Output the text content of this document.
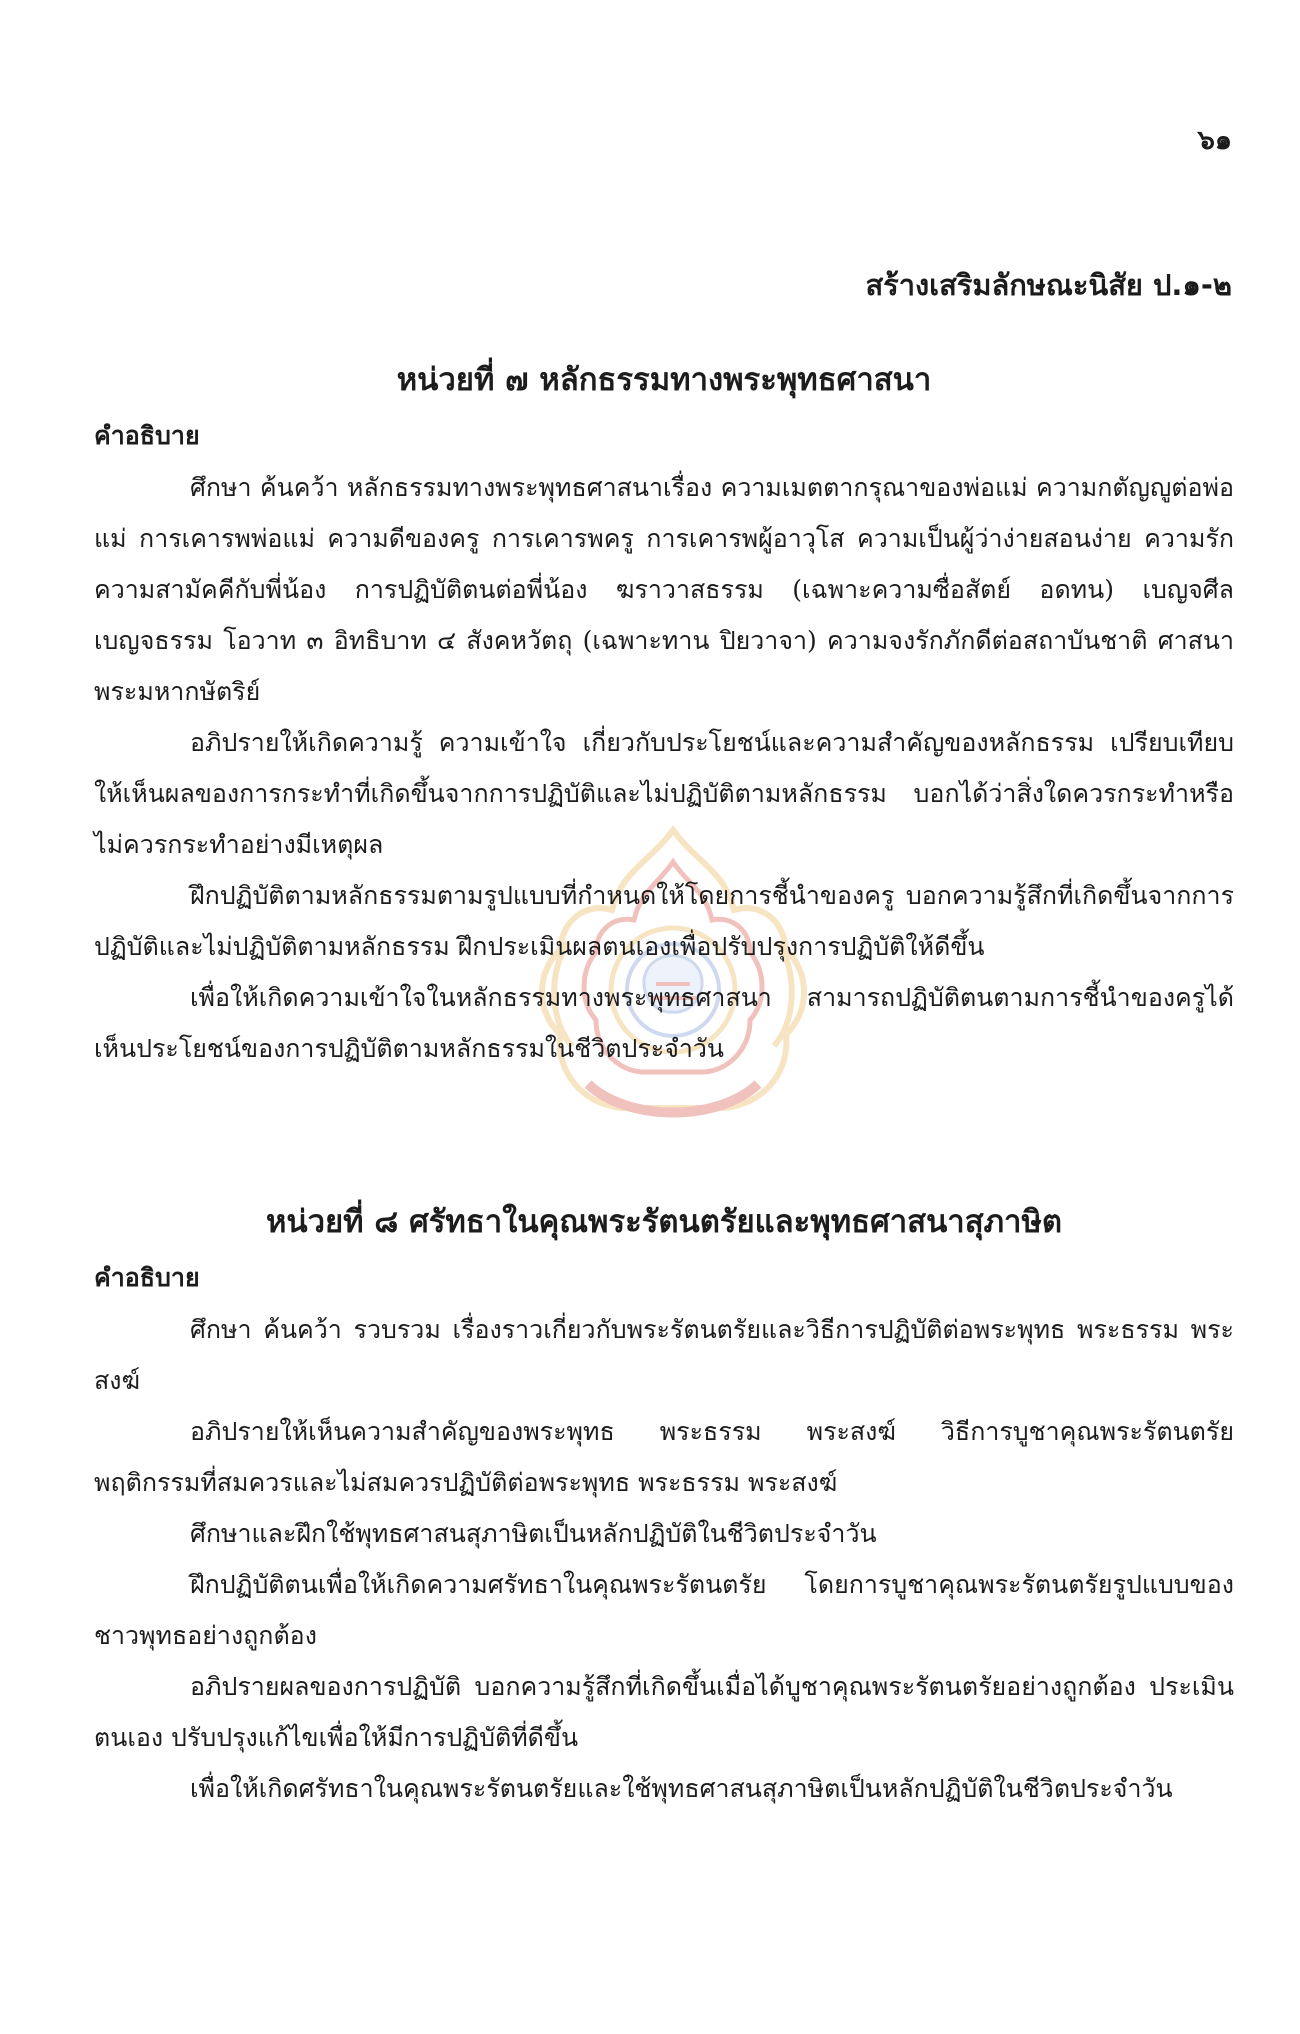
๖๑
สร้างเสริมลักษณะนิสัย ป.๑-๒
หน่วยที่ ๗ หลักธรรมทางพระพุทธศาสนา
คำอธิบาย

ศึกษา ค้นคว้า หลักธรรมทางพระพุทธศาสนาเรื่อง ความเมตตากรุณาของพ่อแม่ ความกตัญญูต่อพ่อแม่ การเคารพพ่อแม่ ความดีของครู การเคารพครู การเคารพผู้อาวุโส ความเป็นผู้ว่าง่ายสอนง่าย ความรักความสามัคคีกับพี่น้อง การปฏิบัติตนต่อพี่น้อง ฆราวาสธรรม (เฉพาะความซื่อสัตย์ อดทน) เบญจศีล เบญจธรรม โอวาท ๓ อิทธิบาท ๔ สังคหวัตถุ (เฉพาะทาน ปิยวาจา) ความจงรักภักดีต่อสถาบันชาติ ศาสนา พระมหากษัตริย์

อภิปรายให้เกิดความรู้ ความเข้าใจ เกี่ยวกับประโยชน์และความสำคัญของหลักธรรม เปรียบเทียบให้เห็นผลของการกระทำที่เกิดขึ้นจากการปฏิบัติและไม่ปฏิบัติตามหลักธรรม บอกได้ว่าสิ่งใดควรกระทำหรือไม่ควรกระทำอย่างมีเหตุผล

ฝึกปฏิบัติตามหลักธรรมตามรูปแบบที่กำหนดให้โดยการชี้นำของครู บอกความรู้สึกที่เกิดขึ้นจากการปฏิบัติและไม่ปฏิบัติตามหลักธรรม ฝึกประเมินผลตนเองเพื่อปรับปรุงการปฏิบัติให้ดีขึ้น

เพื่อให้เกิดความเข้าใจในหลักธรรมทางพระพุทธศาสนา สามารถปฏิบัติตนตามการชี้นำของครูได้ เห็นประโยชน์ของการปฏิบัติตามหลักธรรมในชีวิตประจำวัน

หน่วยที่ ๘ ศรัทธาในคุณพระรัตนตรัยและพุทธศาสนาสุภาษิต
คำอธิบาย

ศึกษา ค้นคว้า รวบรวม เรื่องราวเกี่ยวกับพระรัตนตรัยและวิธีการปฏิบัติต่อพระพุทธ พระธรรม พระสงฆ์

อภิปรายให้เห็นความสำคัญของพระพุทธ พระธรรม พระสงฆ์ วิธีการบูชาคุณพระรัตนตรัย พฤติกรรมที่สมควรและไม่สมควรปฏิบัติต่อพระพุทธ พระธรรม พระสงฆ์

ศึกษาและฝึกใช้พุทธศาสนสุภาษิตเป็นหลักปฏิบัติในชีวิตประจำวัน

ฝึกปฏิบัติตนเพื่อให้เกิดความศรัทธาในคุณพระรัตนตรัย โดยการบูชาคุณพระรัตนตรัยรูปแบบของชาวพุทธอย่างถูกต้อง

อภิปรายผลของการปฏิบัติ บอกความรู้สึกที่เกิดขึ้นเมื่อได้บูชาคุณพระรัตนตรัยอย่างถูกต้อง ประเมินตนเอง ปรับปรุงแก้ไขเพื่อให้มีการปฏิบัติที่ดีขึ้น

เพื่อให้เกิดศรัทธาในคุณพระรัตนตรัยและใช้พุทธศาสนสุภาษิตเป็นหลักปฏิบัติในชีวิตประจำวัน
